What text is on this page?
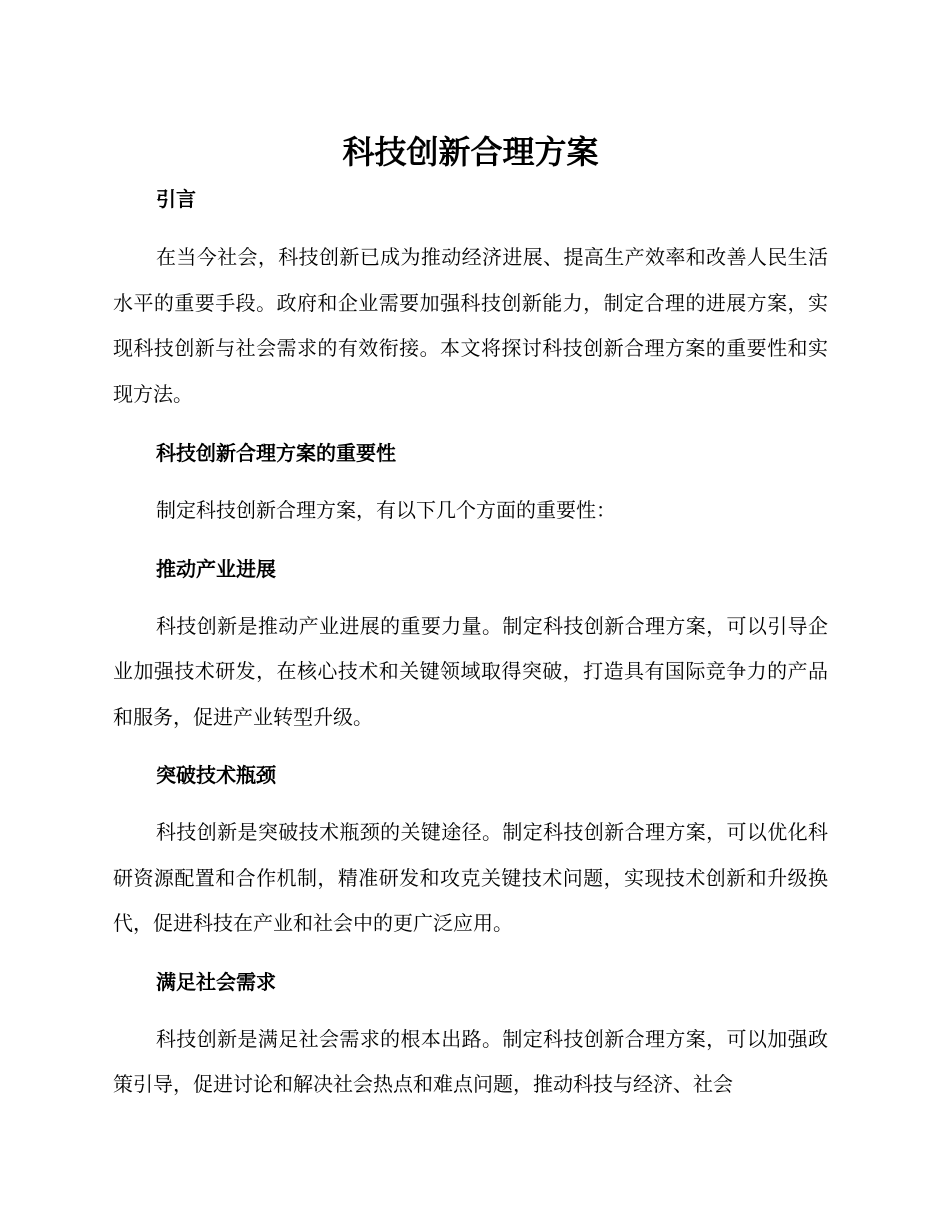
科技创新合理方案
引言

在当今社会，科技创新已成为推动经济进展、提高生产效率和改善人民生活水平的重要手段。政府和企业需要加强科技创新能力，制定合理的进展方案，实现科技创新与社会需求的有效衔接。本文将探讨科技创新合理方案的重要性和实现方法。

科技创新合理方案的重要性

制定科技创新合理方案，有以下几个方面的重要性：

推动产业进展

科技创新是推动产业进展的重要力量。制定科技创新合理方案，可以引导企业加强技术研发，在核心技术和关键领域取得突破，打造具有国际竞争力的产品和服务，促进产业转型升级。

突破技术瓶颈

科技创新是突破技术瓶颈的关键途径。制定科技创新合理方案，可以优化科研资源配置和合作机制，精准研发和攻克关键技术问题，实现技术创新和升级换代，促进科技在产业和社会中的更广泛应用。

满足社会需求

科技创新是满足社会需求的根本出路。制定科技创新合理方案，可以加强政策引导，促进讨论和解决社会热点和难点问题，推动科技与经济、社会
